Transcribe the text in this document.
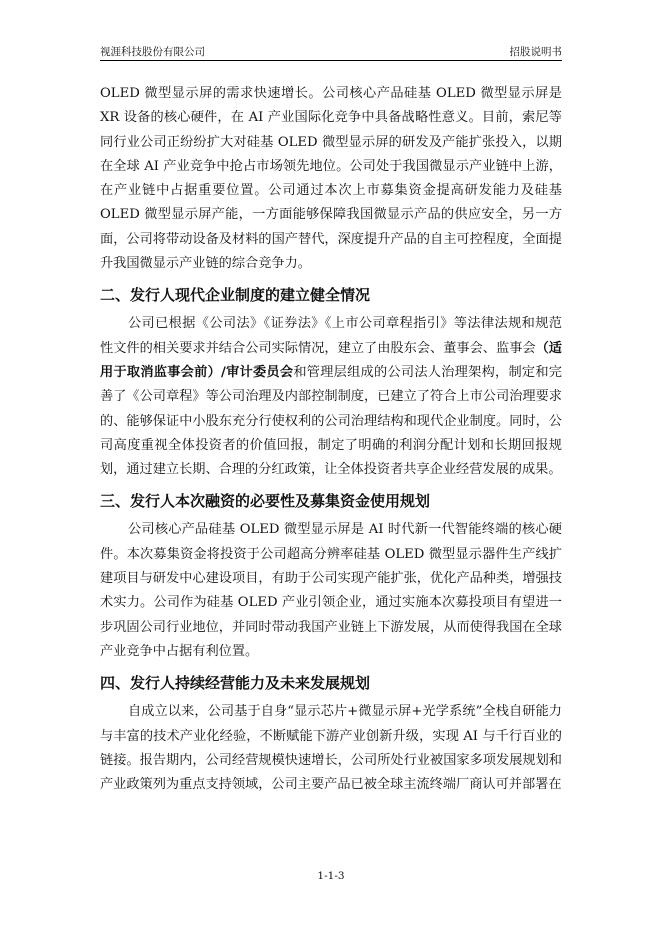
视涯科技股份有限公司	招股说明书

OLED 微型显示屏的需求快速增长。公司核心产品硅基 OLED 微型显示屏是 XR 设备的核心硬件，在 AI 产业国际化竞争中具备战略性意义。目前，索尼等同行业公司正纷纷扩大对硅基 OLED 微型显示屏的研发及产能扩张投入，以期在全球 AI 产业竞争中抢占市场领先地位。公司处于我国微显示产业链中上游，在产业链中占据重要位置。公司通过本次上市募集资金提高研发能力及硅基 OLED 微型显示屏产能，一方面能够保障我国微显示产品的供应安全，另一方面，公司将带动设备及材料的国产替代，深度提升产品的自主可控程度，全面提升我国微显示产业链的综合竞争力。

二、发行人现代企业制度的建立健全情况

公司已根据《公司法》《证券法》《上市公司章程指引》等法律法规和规范性文件的相关要求并结合公司实际情况，建立了由股东会、董事会、监事会（适用于取消监事会前）/审计委员会和管理层组成的公司法人治理架构，制定和完善了《公司章程》等公司治理及内部控制制度，已建立了符合上市公司治理要求的、能够保证中小股东充分行使权利的公司治理结构和现代企业制度。同时，公司高度重视全体投资者的价值回报，制定了明确的利润分配计划和长期回报规划，通过建立长期、合理的分红政策，让全体投资者共享企业经营发展的成果。

三、发行人本次融资的必要性及募集资金使用规划

公司核心产品硅基 OLED 微型显示屏是 AI 时代新一代智能终端的核心硬件。本次募集资金将投资于公司超高分辨率硅基 OLED 微型显示器件生产线扩建项目与研发中心建设项目，有助于公司实现产能扩张，优化产品种类，增强技术实力。公司作为硅基 OLED 产业引领企业，通过实施本次募投项目有望进一步巩固公司行业地位，并同时带动我国产业链上下游发展，从而使得我国在全球产业竞争中占据有利位置。

四、发行人持续经营能力及未来发展规划

自成立以来，公司基于自身“显示芯片+微显示屏+光学系统”全栈自研能力与丰富的技术产业化经验，不断赋能下游产业创新升级，实现 AI 与千行百业的链接。报告期内，公司经营规模快速增长，公司所处行业被国家多项发展规划和产业政策列为重点支持领域，公司主要产品已被全球主流终端厂商认可并部署在

1-1-3
